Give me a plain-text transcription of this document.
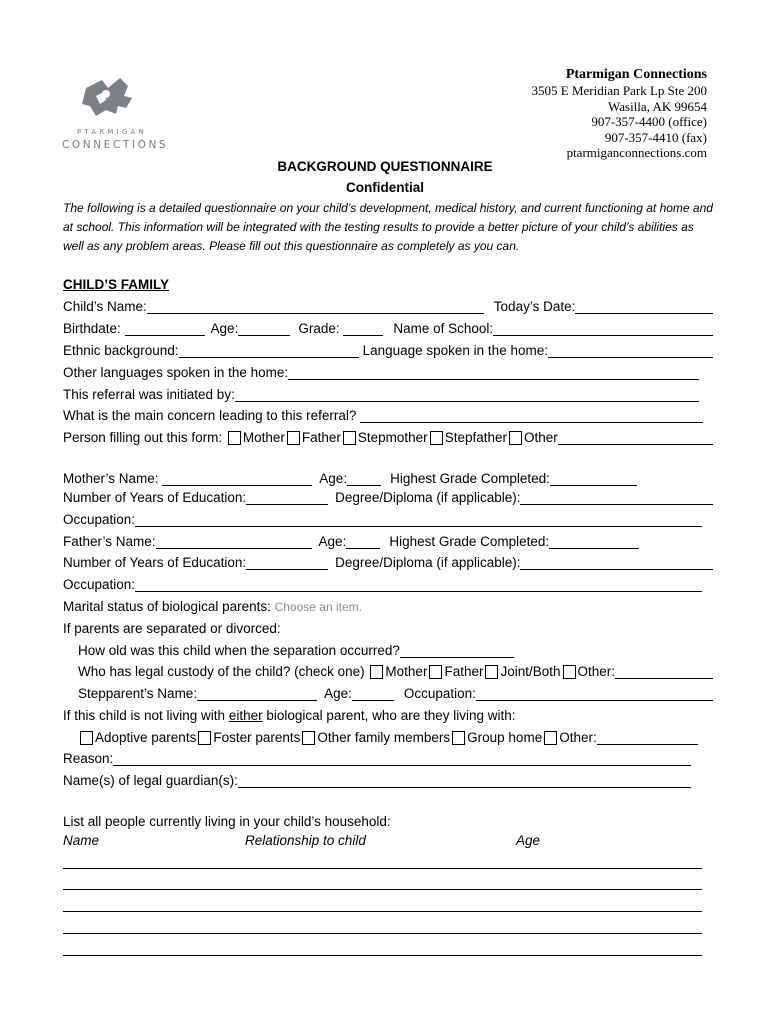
PTARMIGAN
CONNECTIONS
Ptarmigan Connections
3505 E Meridian Park Lp Ste 200
Wasilla, AK 99654
907-357-4400 (office)
907-357-4410 (fax)
ptarmiganconnections.com
BACKGROUND QUESTIONNAIRE
Confidential
The following is a detailed questionnaire on your child’s development, medical history, and current functioning at home and at school. This information will be integrated with the testing results to provide a better picture of your child’s abilities as well as any problem areas. Please fill out this questionnaire as completely as you can.
CHILD’S FAMILY
Child’s Name:	Today’s Date:
Birthdate:	Age:	Grade:	Name of School:
Ethnic background:	Language spoken in the home:
Other languages spoken in the home:
This referral was initiated by:
What is the main concern leading to this referral?
Person filling out this form: Mother Father Stepmother Stepfather Other
Mother’s Name:	Age:	Highest Grade Completed:
Number of Years of Education:	Degree/Diploma (if applicable):
Occupation:
Father’s Name:	Age:	Highest Grade Completed:
Number of Years of Education:	Degree/Diploma (if applicable):
Occupation:
Marital status of biological parents: Choose an item.
If parents are separated or divorced:
How old was this child when the separation occurred?
Who has legal custody of the child? (check one) Mother Father Joint/Both Other:
Stepparent’s Name:	Age:	Occupation:
If this child is not living with either biological parent, who are they living with:
Adoptive parents Foster parents Other family members Group home Other:
Reason:
Name(s) of legal guardian(s):
List all people currently living in your child’s household:
Name	Relationship to child	Age
